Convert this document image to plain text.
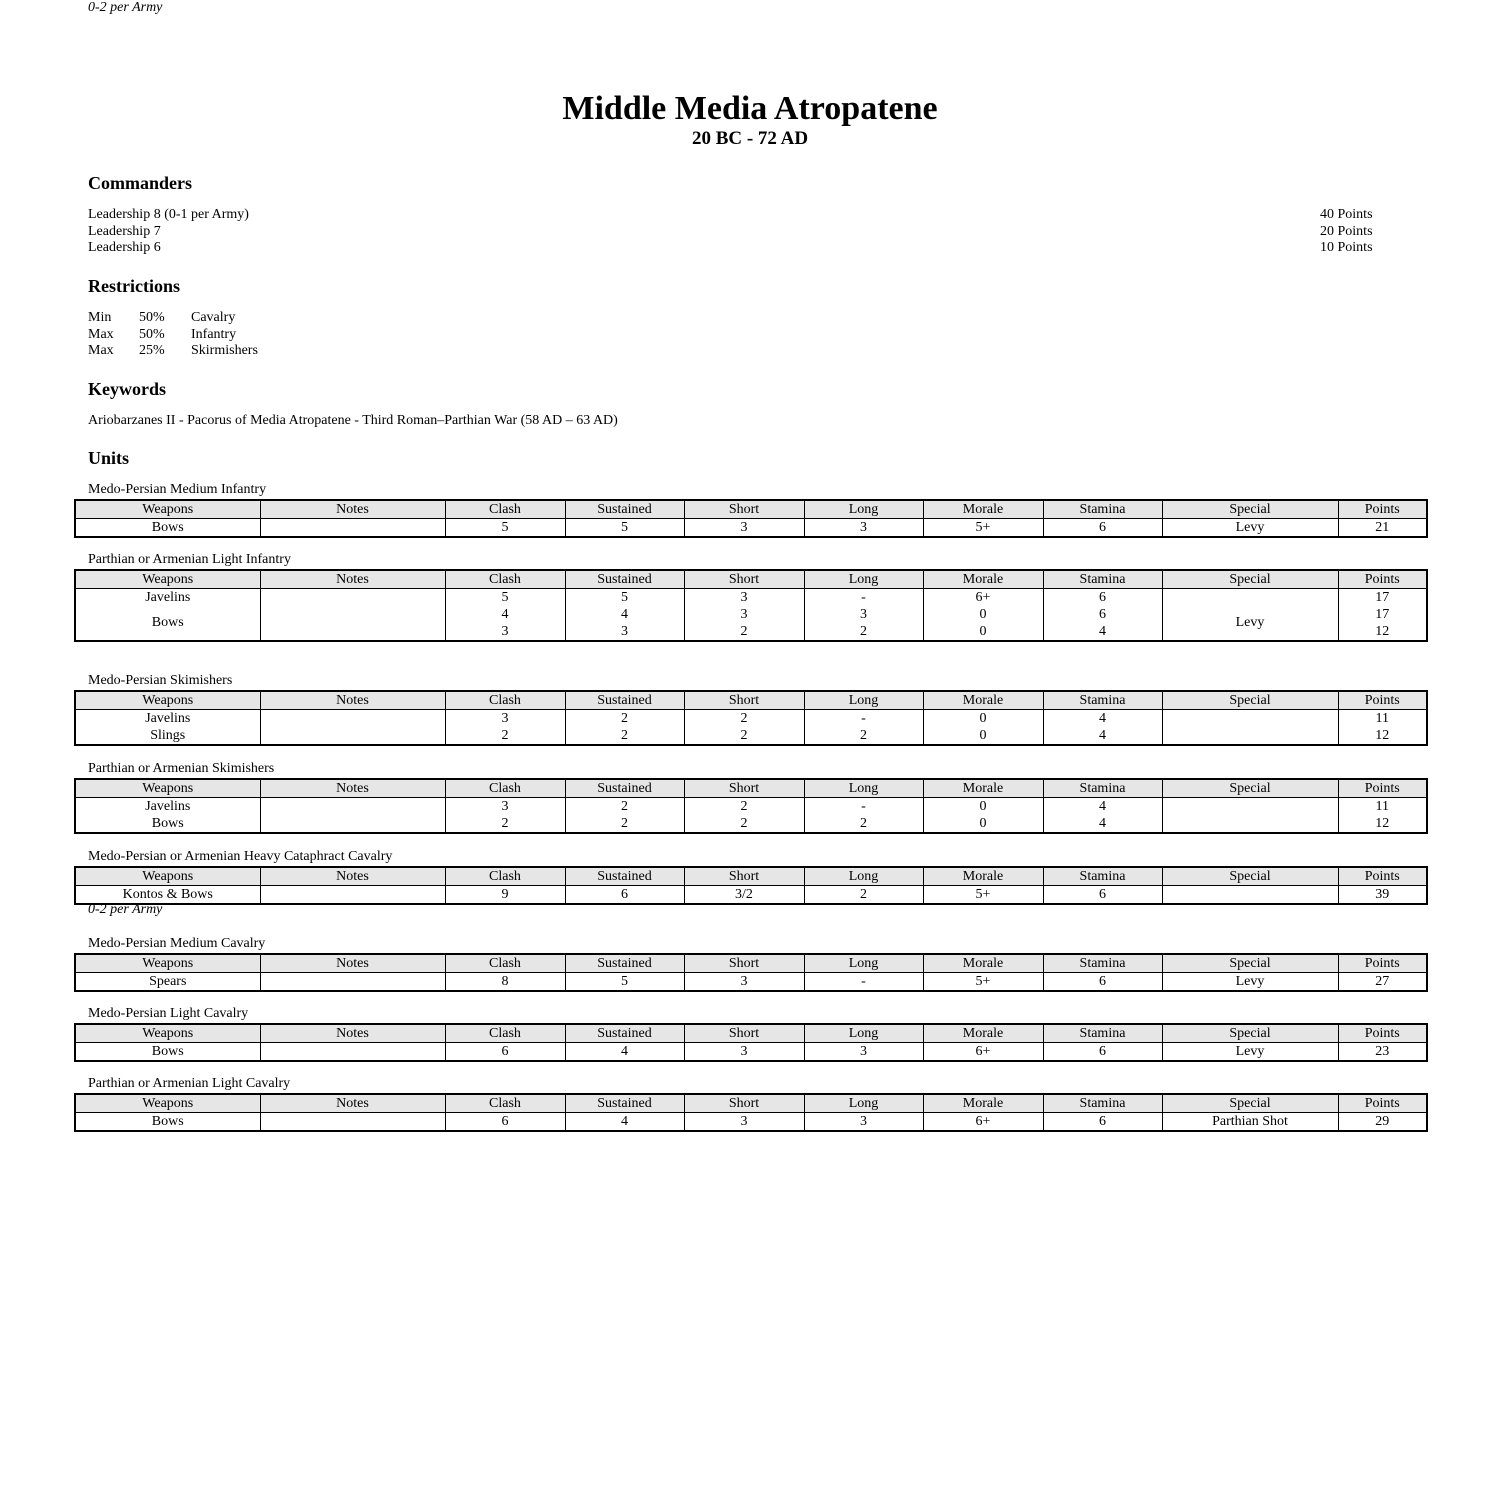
Middle Media Atropatene
20 BC - 72 AD
Commanders
Leadership 8 (0-1 per Army)	40 Points
Leadership 7	20 Points
Leadership 6	10 Points
Restrictions
Min	50%	Cavalry
Max	50%	Infantry
Max	25%	Skirmishers
Keywords
Ariobarzanes II - Pacorus of Media Atropatene - Third Roman–Parthian War (58 AD – 63 AD)
Units
Medo-Persian Medium Infantry
Weapons	Notes	Clash	Sustained	Short	Long	Morale	Stamina	Special	Points
Bows		5	5	3	3	5+	6	Levy	21
Parthian or Armenian Light Infantry
Weapons	Notes	Clash	Sustained	Short	Long	Morale	Stamina	Special	Points
Javelins		5	5	3	-	6+	6		17
Bows		4	4	3	3	0	6	Levy	17
		3	3	2	2	0	4		12
0-2 per Army
Medo-Persian Skimishers
Weapons	Notes	Clash	Sustained	Short	Long	Morale	Stamina	Special	Points
Javelins		3	2	2	-	0	4		11
Slings		2	2	2	2	0	4		12
Parthian or Armenian Skimishers
Weapons	Notes	Clash	Sustained	Short	Long	Morale	Stamina	Special	Points
Javelins		3	2	2	-	0	4		11
Bows		2	2	2	2	0	4		12
Medo-Persian or Armenian Heavy Cataphract Cavalry
Weapons	Notes	Clash	Sustained	Short	Long	Morale	Stamina	Special	Points
Kontos & Bows		9	6	3/2	2	5+	6		39
0-2 per Army
Medo-Persian Medium Cavalry
Weapons	Notes	Clash	Sustained	Short	Long	Morale	Stamina	Special	Points
Spears		8	5	3	-	5+	6	Levy	27
Medo-Persian Light Cavalry
Weapons	Notes	Clash	Sustained	Short	Long	Morale	Stamina	Special	Points
Bows		6	4	3	3	6+	6	Levy	23
Parthian or Armenian Light Cavalry
Weapons	Notes	Clash	Sustained	Short	Long	Morale	Stamina	Special	Points
Bows		6	4	3	3	6+	6	Parthian Shot	29
